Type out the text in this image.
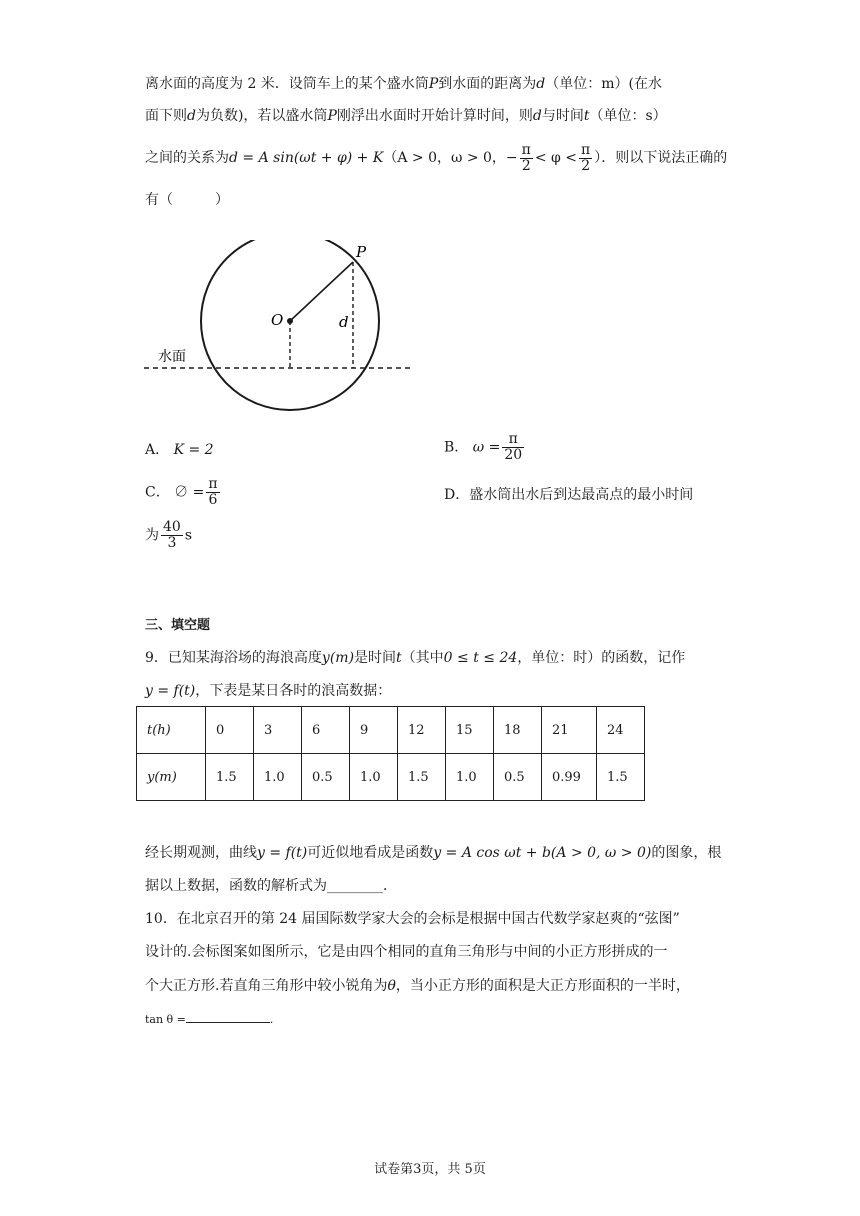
离水面的高度为 2 米．设筒车上的某个盛水筒P到水面的距离为d（单位：m）(在水
面下则d为负数)，若以盛水筒P刚浮出水面时开始计算时间，则d与时间t（单位：s）
之间的关系为d = A sin(ωt + φ) + K（A > 0，ω > 0，− $\frac{\pi}{2} < \varphi < \frac{\pi}{2}$ ）．则以下说法正确的
有（　　　）
P
O	d
水面
A． K = 2	B． $\omega = \frac{\pi}{20}$
C． ∅ = $\frac{\pi}{6}$	D．盛水筒出水后到达最高点的最小时间
为 $\frac{40}{3}$ s
三、填空题
9．已知某海浴场的海浪高度y(m)是时间t（其中0 ≤ t ≤ 24，单位：时）的函数，记作
y = f(t)，下表是某日各时的浪高数据：
t(h)	0	3	6	9	12	15	18	21	24
y(m)	1.5	1.0	0.5	1.0	1.5	1.0	0.5	0.99	1.5
经长期观测，曲线y = f(t)可近似地看成是函数y = A cos ωt + b(A > 0, ω > 0)的图象，根
据以上数据，函数的解析式为________．
10．在北京召开的第 24 届国际数学家大会的会标是根据中国古代数学家赵爽的“弦图”
设计的.会标图案如图所示，它是由四个相同的直角三角形与中间的小正方形拼成的一
个大正方形.若直角三角形中较小锐角为θ，当小正方形的面积是大正方形面积的一半时，
tan θ =	.
试卷第3页，共 5页
